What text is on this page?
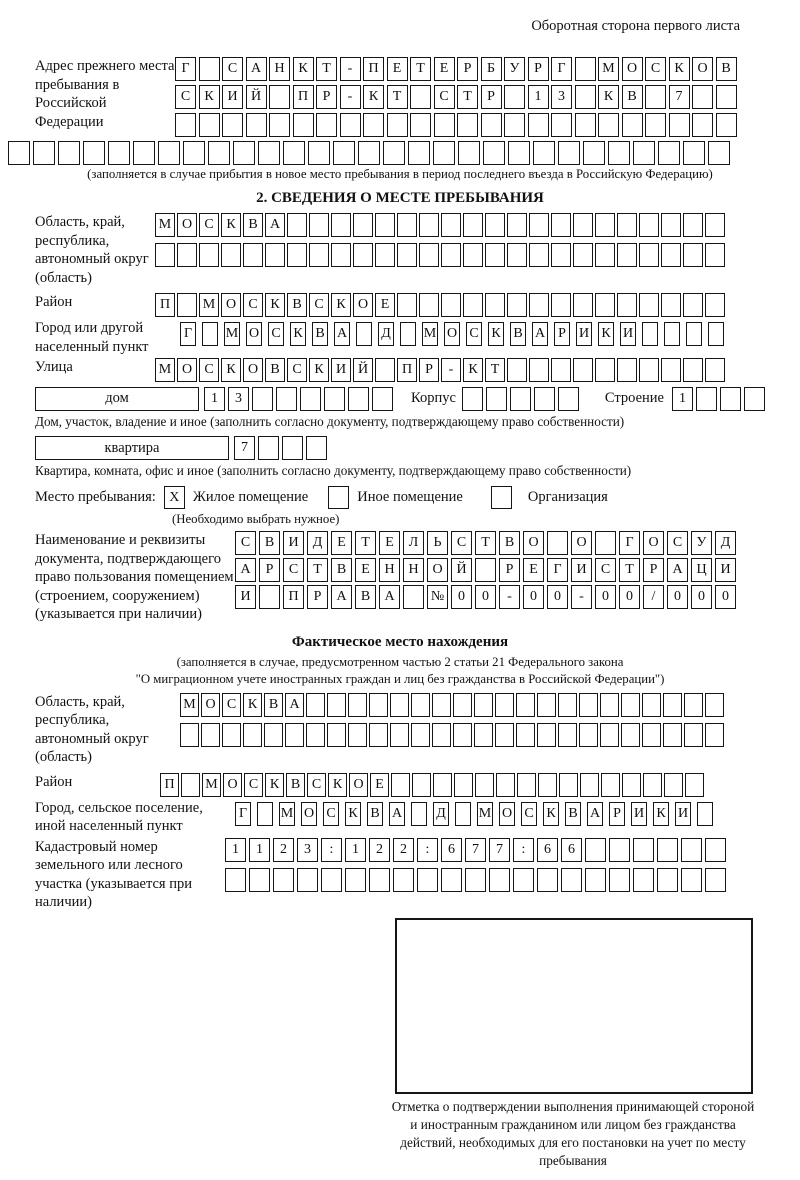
Оборотная сторона первого листа
Адрес прежнего места пребывания в Российской Федерации
Г	С А Н К	Т	-	П	Е	Т	Е	Р	Б	У	Р	Г	М О С	К О В
С	К И Й	П	Р	-	К	Т	С	Т	Р	1	3	К	В	7
(заполняется в случае прибытия в новое место пребывания в период последнего въезда в Российскую Федерацию)
2. СВЕДЕНИЯ О МЕСТЕ ПРЕБЫВАНИЯ
Область, край, республика, автономный округ (область)
М О С К В А
Район	П	М О С К В С К О Е
Город или другой населенный пункт
Г М О С К В А Д М О С К В А Р И К И
Улица	М О С К О В С К И Й	П Р	-	К Т
дом	1	3	Корпус	Строение	1
Дом, участок, владение и иное (заполнить согласно документу, подтверждающему право собственности)
квартира	7
Квартира, комната, офис и иное (заполнить согласно документу, подтверждающему право собственности)
Место пребывания: X Жилое помещение	Иное помещение	Организация
(Необходимо выбрать нужное)
Наименование и реквизиты документа, подтверждающего право пользования помещением (строением, сооружением) (указывается при наличии)
С	В	И	Д	Е	Т	Е	Л	Ь	С	Т	В	О	О	Г	О	С	У	Д
А	Р	С	Т	В	Е	Н Н О Й	Р	Е	Г	И	С	Т	Р	А Ц И
И	П	Р	А	В	А	№ 0	0	-	0	0	-	0	0	/	0	0	0
Фактическое место нахождения
(заполняется в случае, предусмотренном частью 2 статьи 21 Федерального закона
"О миграционном учете иностранных граждан и лиц без гражданства в Российской Федерации")
Область, край, республика, автономный округ (область)
М О С К В А
Район	П	М О С К В С К О Е
Город, сельское поселение, иной населенный пункт
Г М О С К В А Д М О С К В А Р И К И
Кадастровый номер земельного или лесного участка (указывается при наличии)
1	1	2	3	:	1	2	2	:	6	7	7	:	6	6
Отметка о подтверждении выполнения принимающей стороной и иностранным гражданином или лицом без гражданства действий, необходимых для его постановки на учет по месту пребывания
